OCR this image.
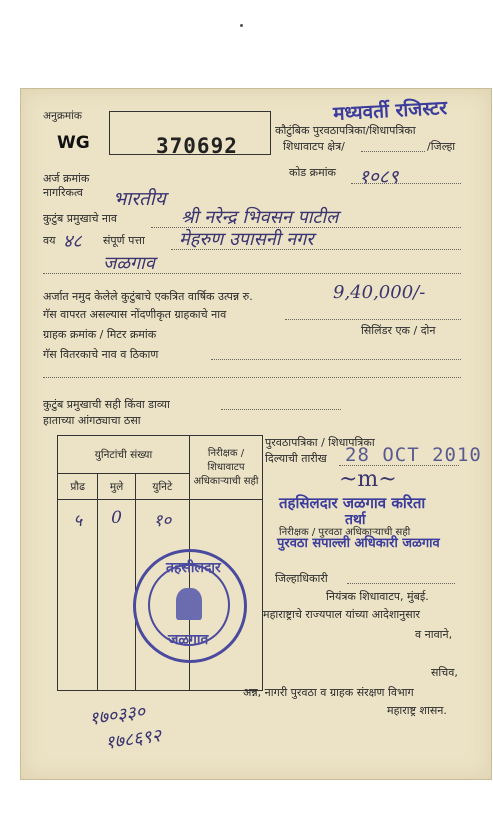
अनुक्रमांक
WG	370692
मध्यवर्ती रजिस्टर
कौटुंबिक पुरवठापत्रिका/शिधापत्रिका
शिधावाटप क्षेत्र/	/जिल्हा
अर्ज क्रमांक	कोड क्रमांक १०८९
नागरिकत्व भारतीय
कुटुंब प्रमुखाचे नाव	श्री नरेन्द्र भिवसन पाटील
वय ४८ संपूर्ण पत्ता मेहरुण उपासनी नगर
जळगाव
अर्जात नमुद केलेले कुटुंबाचे एकत्रित वार्षिक उत्पन्न रु.	9,40,000/-
गॅस वापरत असल्यास नोंदणीकृत ग्राहकाचे नाव
ग्राहक क्रमांक / मिटर क्रमांक	सिलिंडर एक / दोन
गॅस वितरकाचे नाव व ठिकाण
कुटुंब प्रमुखाची सही किंवा डाव्या
हाताच्या आंगठ्याचा ठसा
युनिटांची संख्या			निरीक्षक / शिधावाटप
अधिकाऱ्याची सही
प्रौढ	मुले	युनिटे	
५	0	१०	
तहसीलदार
जळगाव
पुरवठापत्रिका / शिधापत्रिका
दिल्याची तारीख 28 OCT 2010
~m~
तहसिलदार जळगाव करिता
तर्था
निरीक्षक / पुरवठा अधिकाऱ्याची सही
पुरवठा सपाल्ली अधिकारी जळगाव
जिल्हाधिकारी
नियंत्रक शिधावाटप, मुंबई.
महाराष्ट्राचे राज्यपाल यांच्या आदेशानुसार
व नावाने,
सचिव,
अन्न, नागरी पुरवठा व ग्राहक संरक्षण विभाग
महाराष्ट्र शासन.
१७०३३०
१७८६९२
